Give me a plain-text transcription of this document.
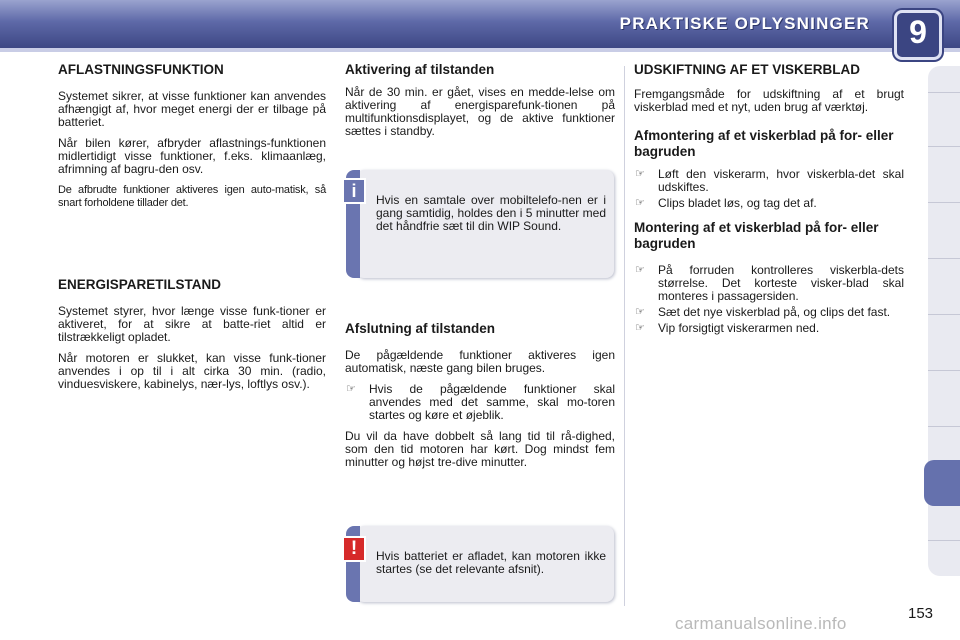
PRAKTISKE OPLYSNINGER	9
AFLASTNINGSFUNKTION

Systemet sikrer, at visse funktioner kan anvendes afhængigt af, hvor meget energi der er tilbage på batteriet.

Når bilen kører, afbryder aflastnings-funktionen midlertidigt visse funktioner, f.eks. klimaanlæg, afrimning af bagru-den osv.

De afbrudte funktioner aktiveres igen auto-matisk, så snart forholdene tillader det.

ENERGISPARETILSTAND

Systemet styrer, hvor længe visse funk-tioner er aktiveret, for at sikre at batte-riet altid er tilstrækkeligt opladet.

Når motoren er slukket, kan visse funk-tioner anvendes i op til i alt cirka 30 min. (radio, vinduesviskere, kabinelys, nær-lys, loftlys osv.).

Aktivering af tilstanden

Når de 30 min. er gået, vises en medde-lelse om aktivering af energisparefunk-tionen på multifunktionsdisplayet, og de aktive funktioner sættes i standby.

i	Hvis en samtale over mobiltelefo-nen er i gang samtidig, holdes den i 5 minutter med det håndfrie sæt til din WIP Sound.

Afslutning af tilstanden

De pågældende funktioner aktiveres igen automatisk, næste gang bilen bruges.

☞ Hvis de pågældende funktioner skal anvendes med det samme, skal mo-toren startes og køre et øjeblik.

Du vil da have dobbelt så lang tid til rå-dighed, som den tid motoren har kørt. Dog mindst fem minutter og højst tre-dive minutter.

!	Hvis batteriet er afladet, kan motoren ikke startes (se det relevante afsnit).

UDSKIFTNING AF ET VISKERBLAD

Fremgangsmåde for udskiftning af et brugt viskerblad med et nyt, uden brug af værktøj.

Afmontering af et viskerblad på for- eller bagruden
☞ Løft den viskerarm, hvor viskerbla-det skal udskiftes.
☞ Clips bladet løs, og tag det af.
Montering af et viskerblad på for- eller bagruden
☞ På forruden kontrolleres viskerbla-dets størrelse. Det korteste visker-blad skal monteres i passagersiden.
☞ Sæt det nye viskerblad på, og clips det fast.
☞ Vip forsigtigt viskerarmen ned.
153
carmanualsonline.info
